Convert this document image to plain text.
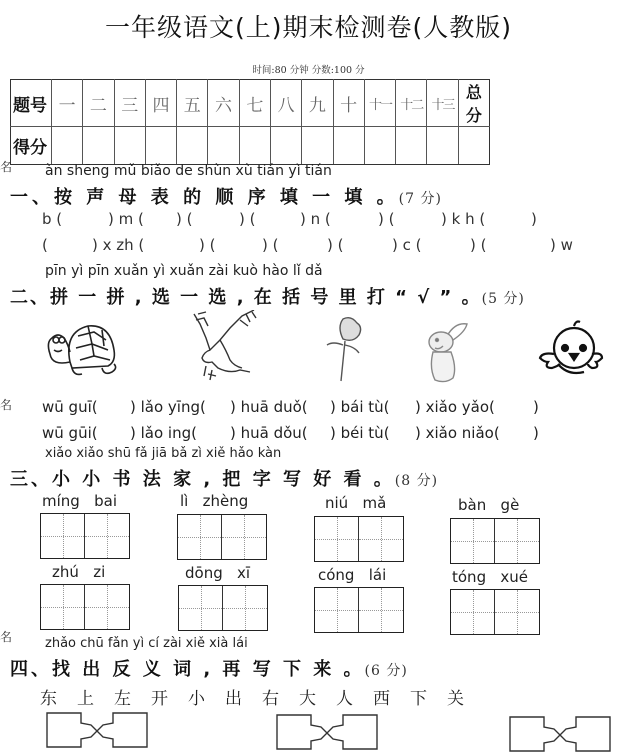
一年级语文(上)期末检测卷(人教版)
时间:80 分钟 分数:100 分
题号	一	二	三	四	五	六	七	八	九	十	十一	十二	十三	总分
得分														
名
名
名
àn shēng mǔ biǎo de shùn xù tián yì tián
一、按 声 母 表 的 顺 序 填 一 填 。(7 分)
b (	) m ( ) (	) (	) n (	) (	) k h (	)
(	) x zh (	) (	) (	) (	) c (	) (	) w
pīn yì pīn xuǎn yì xuǎn zài kuò hào lǐ dǎ
二、拼 一 拼 , 选 一 选 , 在 括 号 里 打 “ √ ” 。(5 分)
wū guī( ) lǎo yīng( ) huā duǒ( ) bái tù( ) xiǎo yǎo(	)
wū gūi( ) lǎo ing( ) huā dǒu( ) béi tù( ) xiǎo niǎo( )
xiǎo xiǎo shū fǎ jiā bǎ zì xiě hǎo kàn
三、小 小 书 法 家 , 把 字 写 好 看 。(8 分)
míng bai	lì zhèng	niú mǎ	bàn gè
zhú zi	dōng xī	cóng lái	tóng xué
zhǎo chū fǎn yì cí zài xiě xià lái
四、找 出 反 义 词 , 再 写 下 来 。(6 分)
东 上 左 开 小 出 右 大 人 西 下 关
